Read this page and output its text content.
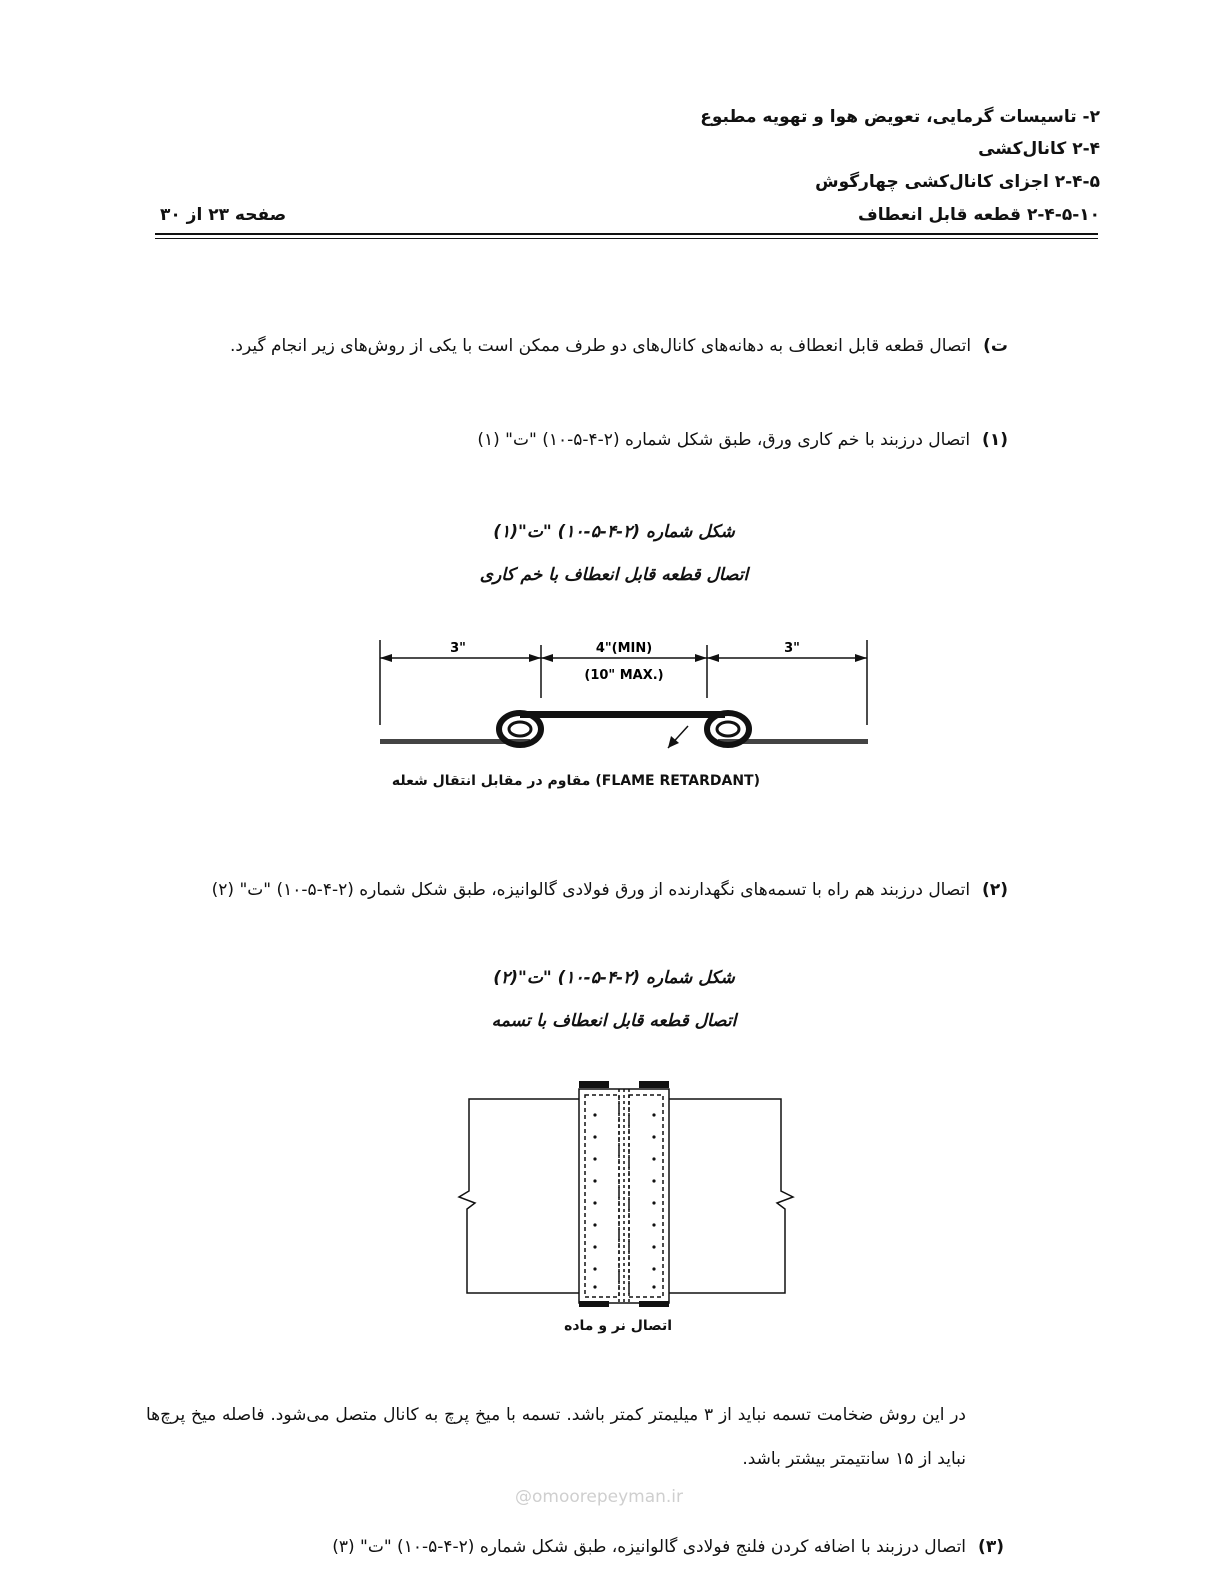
۲- تاسیسات گرمایی، تعویض هوا و تهویه مطبوع
۲-۴ کانال‌کشی
۲-۴-۵ اجزای کانال‌کشی چهارگوش
۲-۴-۵-۱۰ قطعه قابل انعطاف
صفحه ۲۳ از ۳۰
ت)اتصال قطعه قابل انعطاف به دهانه‌های کانال‌های دو طرف ممکن است با یکی از روش‌های زیر انجام گیرد.
(۱)اتصال درزبند با خم کاری ورق، طبق شکل شماره (۲-۴-۵-۱۰) "ت" (۱)
شکل شماره (۲-۴-۵-۱۰) "ت"(۱)
اتصال قطعه قابل انعطاف با خم کاری
3"	4"(MIN)
(10" MAX.)
3"
(FLAME RETARDANT) مقاوم در مقابل انتقال شعله
(۲)اتصال درزبند هم راه با تسمه‌های نگهدارنده از ورق فولادی گالوانیزه، طبق شکل شماره (۲-۴-۵-۱۰) "ت" (۲)
شکل شماره (۲-۴-۵-۱۰) "ت"(۲)
اتصال قطعه قابل انعطاف با تسمه
اتصال نر و ماده
در این روش ضخامت تسمه نباید از ۳ میلیمتر کمتر باشد. تسمه با میخ پرچ به کانال متصل می‌شود. فاصله میخ پرچ‌ها نباید از ۱۵ سانتیمتر بیشتر باشد.
@omoorepeyman.ir
(۳)اتصال درزبند با اضافه کردن فلنج فولادی گالوانیزه، طبق شکل شماره (۲-۴-۵-۱۰) "ت" (۳)
